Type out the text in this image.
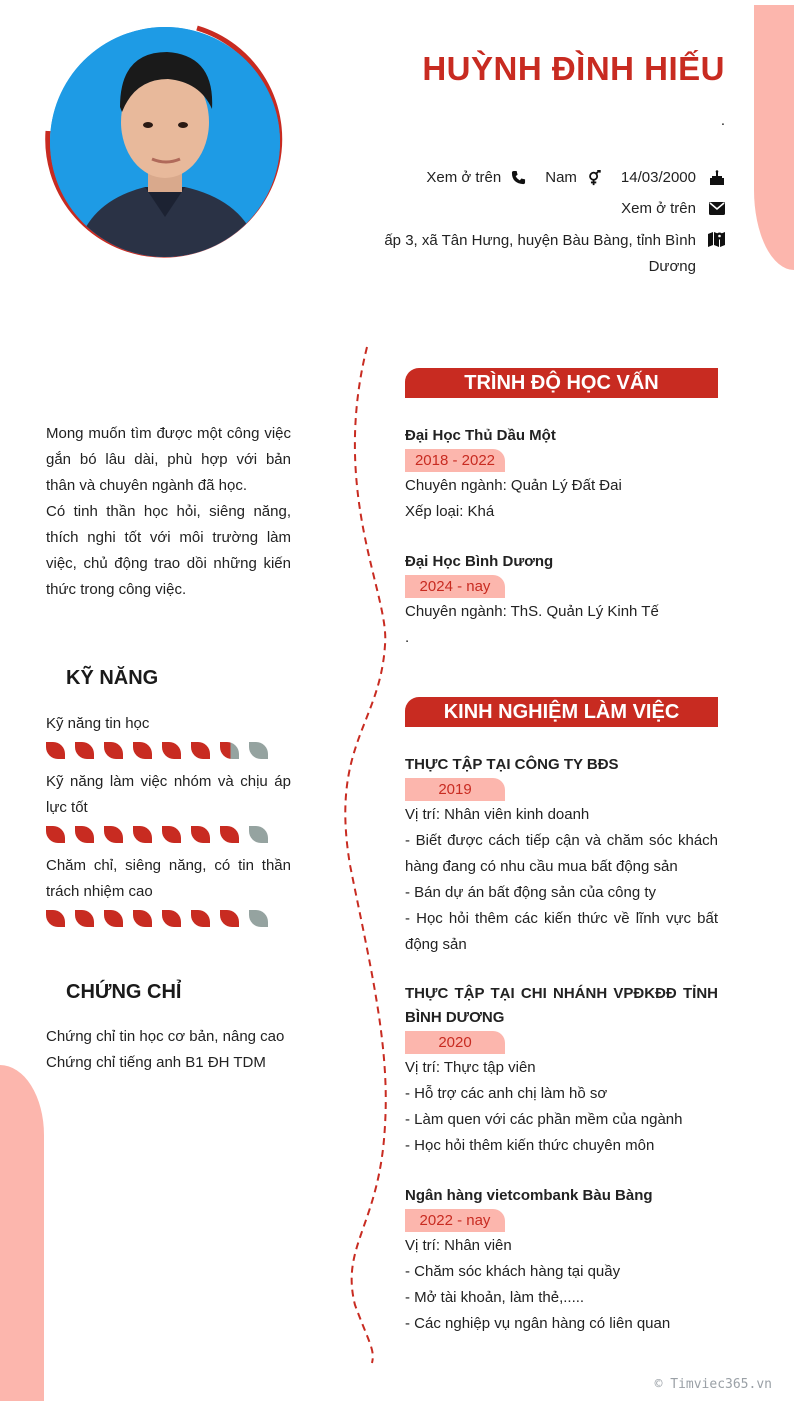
HUỲNH ĐÌNH HIẾU
.
Xem ở trên	Nam	14/03/2000
Xem ở trên
ấp 3, xã Tân Hưng, huyện Bàu Bàng, tỉnh Bình Dương

Mong muốn tìm được một công việc gắn bó lâu dài, phù hợp với bản thân và chuyên ngành đã học.

Có tinh thần học hỏi, siêng năng, thích nghi tốt với môi trường làm việc, chủ động trao dồi những kiến thức trong công việc.

KỸ NĂNG
Kỹ năng tin học
Kỹ năng làm việc nhóm và chịu áp lực tốt
Chăm chỉ, siêng năng, có tin thần trách nhiệm cao
CHỨNG CHỈ
Chứng chỉ tin học cơ bản, nâng cao
Chứng chỉ tiếng anh B1 ĐH TDM
TRÌNH ĐỘ HỌC VẤN
Đại Học Thủ Dầu Một
2018 - 2022

Chuyên ngành: Quản Lý Đất Đai

Xếp loại: Khá

Đại Học Bình Dương
2024 - nay

Chuyên ngành: ThS. Quản Lý Kinh Tế

.

KINH NGHIỆM LÀM VIỆC
THỰC TẬP TẠI CÔNG TY BĐS
2019

Vị trí: Nhân viên kinh doanh

- Biết được cách tiếp cận và chăm sóc khách hàng đang có nhu cầu mua bất động sản

- Bán dự án bất động sản của công ty

- Học hỏi thêm các kiến thức về lĩnh vực bất động sản

THỰC TẬP TẠI CHI NHÁNH VPĐKĐĐ TỈNH BÌNH DƯƠNG
2020

Vị trí: Thực tập viên

- Hỗ trợ các anh chị làm hồ sơ

- Làm quen với các phần mềm của ngành

- Học hỏi thêm kiến thức chuyên môn

Ngân hàng vietcombank Bàu Bàng
2022 - nay

Vị trí: Nhân viên

- Chăm sóc khách hàng tại quầy

- Mở tài khoản, làm thẻ,.....

- Các nghiệp vụ ngân hàng có liên quan

© Timviec365.vn
